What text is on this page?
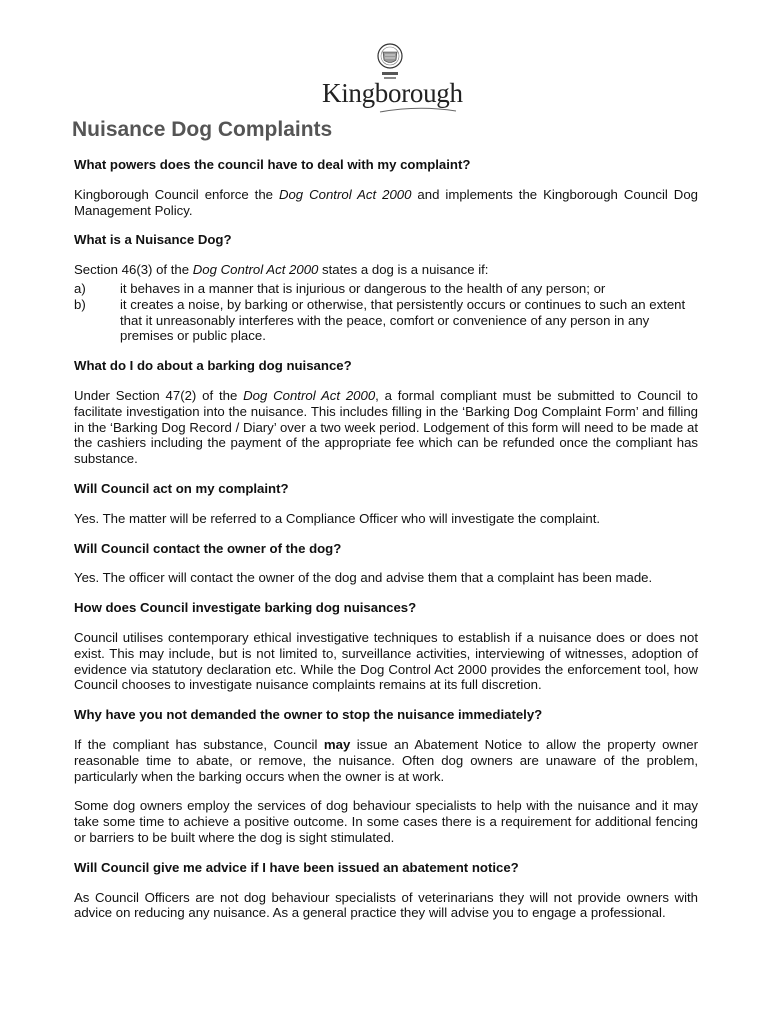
Kingborough
Nuisance Dog Complaints
What powers does the council have to deal with my complaint?
Kingborough Council enforce the Dog Control Act 2000 and implements the Kingborough Council Dog Management Policy.
What is a Nuisance Dog?
Section 46(3) of the Dog Control Act 2000 states a dog is a nuisance if:
a)	it behaves in a manner that is injurious or dangerous to the health of any person; or
b)	it creates a noise, by barking or otherwise, that persistently occurs or continues to such an extent that it unreasonably interferes with the peace, comfort or convenience of any person in any premises or public place.
What do I do about a barking dog nuisance?
Under Section 47(2) of the Dog Control Act 2000, a formal compliant must be submitted to Council to facilitate investigation into the nuisance. This includes filling in the ‘Barking Dog Complaint Form’ and filling in the ‘Barking Dog Record / Diary’ over a two week period. Lodgement of this form will need to be made at the cashiers including the payment of the appropriate fee which can be refunded once the compliant has substance.
Will Council act on my complaint?
Yes. The matter will be referred to a Compliance Officer who will investigate the complaint.
Will Council contact the owner of the dog?
Yes. The officer will contact the owner of the dog and advise them that a complaint has been made.
How does Council investigate barking dog nuisances?
Council utilises contemporary ethical investigative techniques to establish if a nuisance does or does not exist. This may include, but is not limited to, surveillance activities, interviewing of witnesses, adoption of evidence via statutory declaration etc. While the Dog Control Act 2000 provides the enforcement tool, how Council chooses to investigate nuisance complaints remains at its full discretion.
Why have you not demanded the owner to stop the nuisance immediately?
If the compliant has substance, Council may issue an Abatement Notice to allow the property owner reasonable time to abate, or remove, the nuisance. Often dog owners are unaware of the problem, particularly when the barking occurs when the owner is at work.
Some dog owners employ the services of dog behaviour specialists to help with the nuisance and it may take some time to achieve a positive outcome. In some cases there is a requirement for additional fencing or barriers to be built where the dog is sight stimulated.
Will Council give me advice if I have been issued an abatement notice?
As Council Officers are not dog behaviour specialists of veterinarians they will not provide owners with advice on reducing any nuisance. As a general practice they will advise you to engage a professional.
